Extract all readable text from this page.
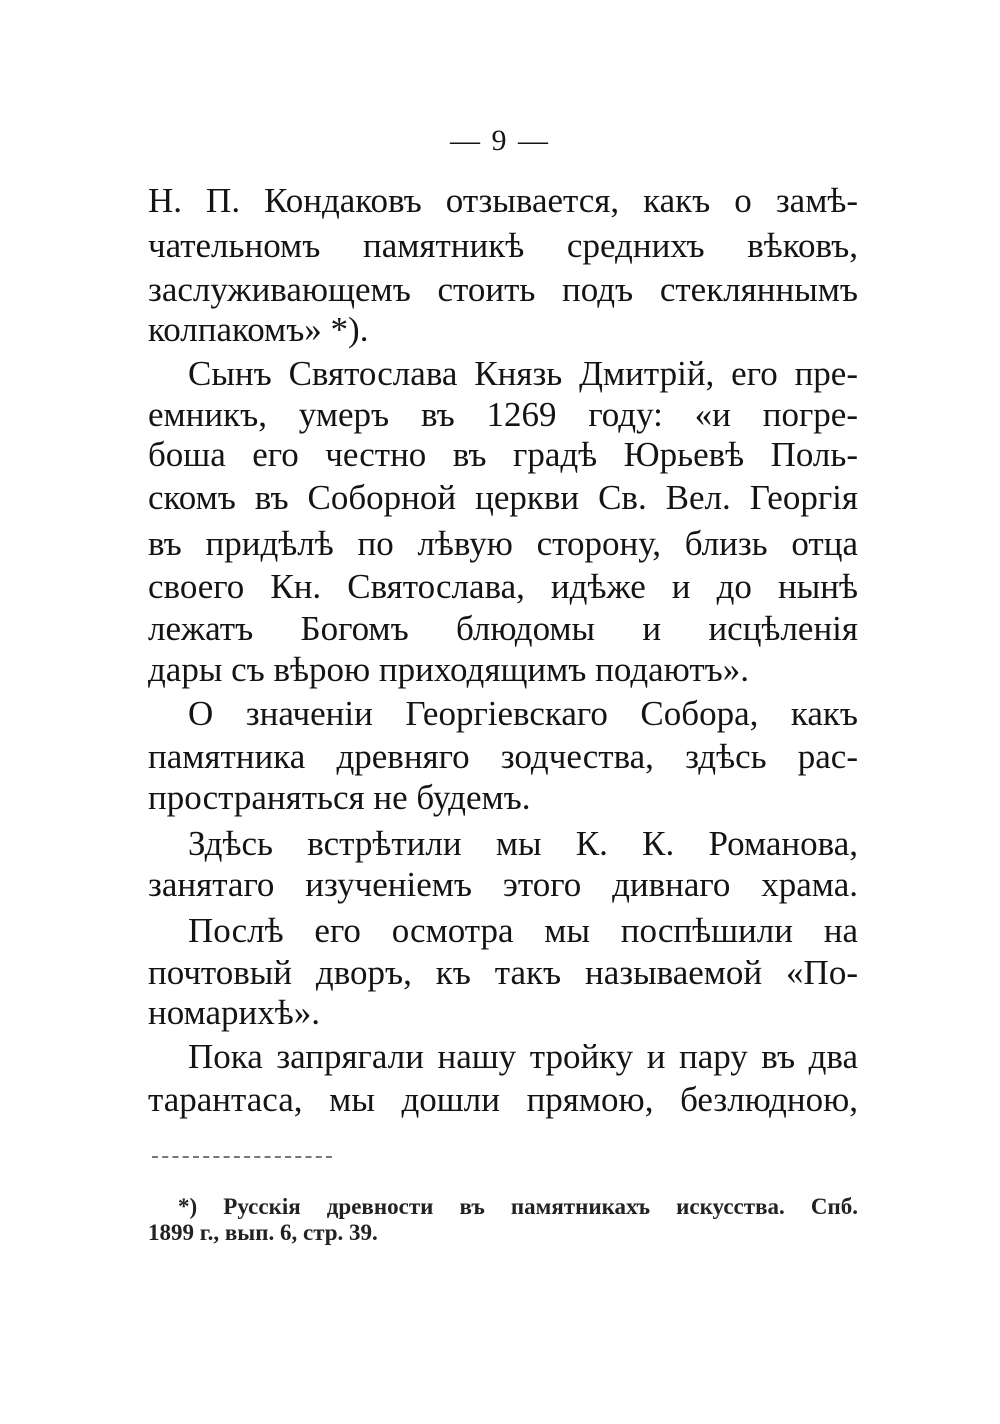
— 9 —
Н. П. Кондаковъ отзывается, какъ о замѣ-
чательномъ памятникѣ среднихъ вѣковъ,
заслуживающемъ стоить подъ стекляннымъ
колпакомъ» *).
Сынъ Святослава Князь Дмитрій, его пре-
емникъ, умеръ въ 1269 году: «и погре-
боша его честно въ градѣ Юрьевѣ Поль-
скомъ въ Соборной церкви Св. Вел. Георгія
въ придѣлѣ по лѣвую сторону, близь отца
своего Кн. Святослава, идѣже и до нынѣ
лежатъ Богомъ блюдомы и исцѣленія
дары съ вѣрою приходящимъ подаютъ».
О значеніи Георгіевскаго Собора, какъ
памятника древняго зодчества, здѣсь рас-
пространяться не будемъ.
Здѣсь встрѣтили мы К. К. Романова,
занятаго изученіемъ этого дивнаго храма.
Послѣ его осмотра мы поспѣшили на
почтовый дворъ, къ такъ называемой «По-
номарихѣ».
Пока запрягали нашу тройку и пару въ два
тарантаса, мы дошли прямою, безлюдною,
*) Русскія древности въ памятникахъ искусства. Спб.
1899 г., вып. 6, стр. 39.
